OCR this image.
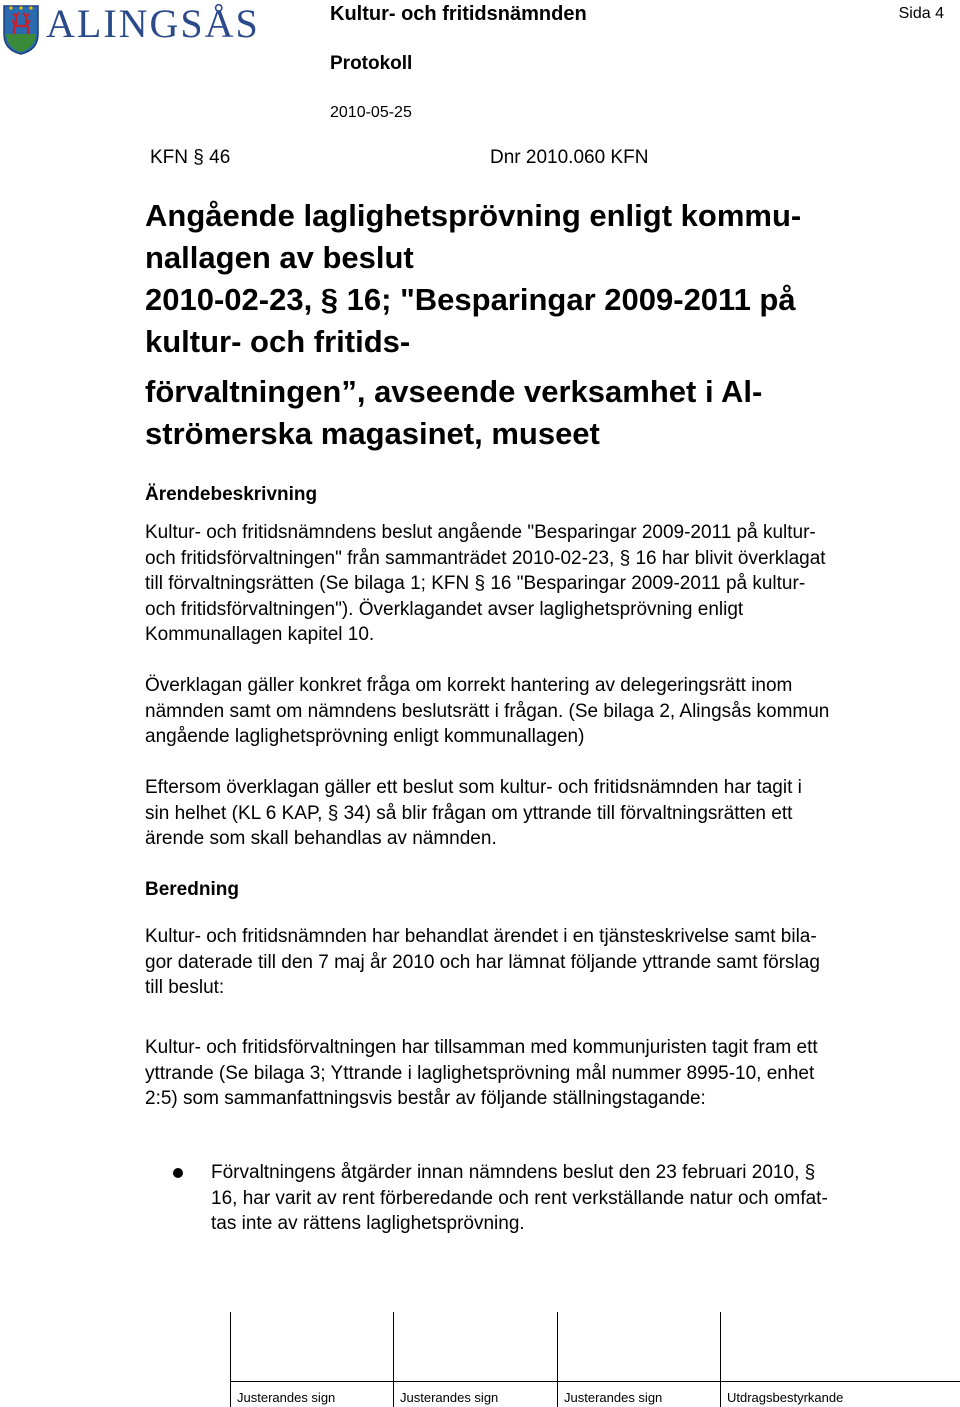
ALINGSÅS	Kultur- och fritidsnämnden	Sida 4
Protokoll
2010-05-25
KFN § 46	Dnr 2010.060 KFN
Angående laglighetsprövning enligt kommu-
nallagen av beslut
2010-02-23, § 16; "Besparingar 2009-2011 på
kultur- och fritids-
förvaltningen”, avseende verksamhet i Al-
strömerska magasinet, museet
Ärendebeskrivning

Kultur- och fritidsnämndens beslut angående "Besparingar 2009-2011 på kultur-
och fritidsförvaltningen" från sammanträdet 2010-02-23, § 16 har blivit överklagat
till förvaltningsrätten (Se bilaga 1; KFN § 16 "Besparingar 2009-2011 på kultur-
och fritidsförvaltningen"). Överklagandet avser laglighetsprövning enligt
Kommunallagen kapitel 10.

Överklagan gäller konkret fråga om korrekt hantering av delegeringsrätt inom
nämnden samt om nämndens beslutsrätt i frågan. (Se bilaga 2, Alingsås kommun
angående laglighetsprövning enligt kommunallagen)

Eftersom överklagan gäller ett beslut som kultur- och fritidsnämnden har tagit i
sin helhet (KL 6 KAP, § 34) så blir frågan om yttrande till förvaltningsrätten ett
ärende som skall behandlas av nämnden.

Beredning

Kultur- och fritidsnämnden har behandlat ärendet i en tjänsteskrivelse samt bila-
gor daterade till den 7 maj år 2010 och har lämnat följande yttrande samt förslag
till beslut:

Kultur- och fritidsförvaltningen har tillsamman med kommunjuristen tagit fram ett
yttrande (Se bilaga 3; Yttrande i laglighetsprövning mål nummer 8995-10, enhet
2:5) som sammanfattningsvis består av följande ställningstagande:

Förvaltningens åtgärder innan nämndens beslut den 23 februari 2010, §
16, har varit av rent förberedande och rent verkställande natur och omfat-
tas inte av rättens laglighetsprövning.

Justerandes sign	Justerandes sign	Justerandes sign	Utdragsbestyrkande
